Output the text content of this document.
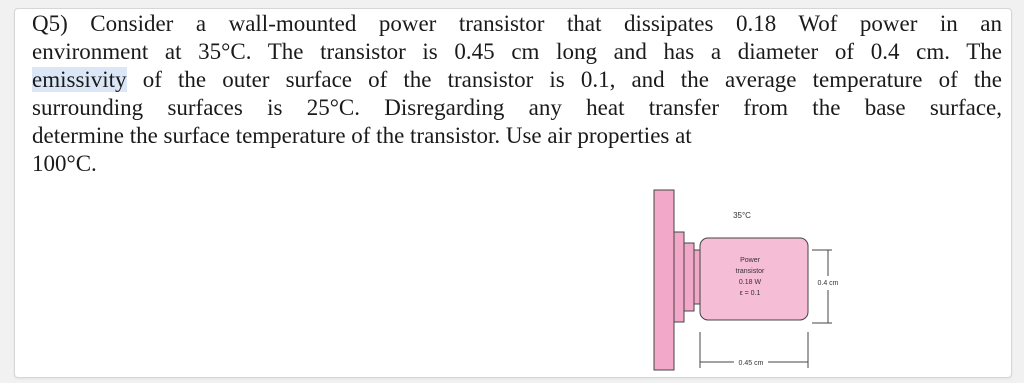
Q5) Consider a wall-mounted power transistor that dissipates 0.18 Wof power in an
environment at 35°C. The transistor is 0.45 cm long and has a diameter of 0.4 cm. The
emissivity of the outer surface of the transistor is 0.1, and the average temperature of the
surrounding surfaces is 25°C. Disregarding any heat transfer from the base surface,
determine the surface temperature of the transistor. Use air properties at
100°C.
35°C
Power
transistor
0.18 W
ε = 0.1
0.4 cm
0.45 cm
